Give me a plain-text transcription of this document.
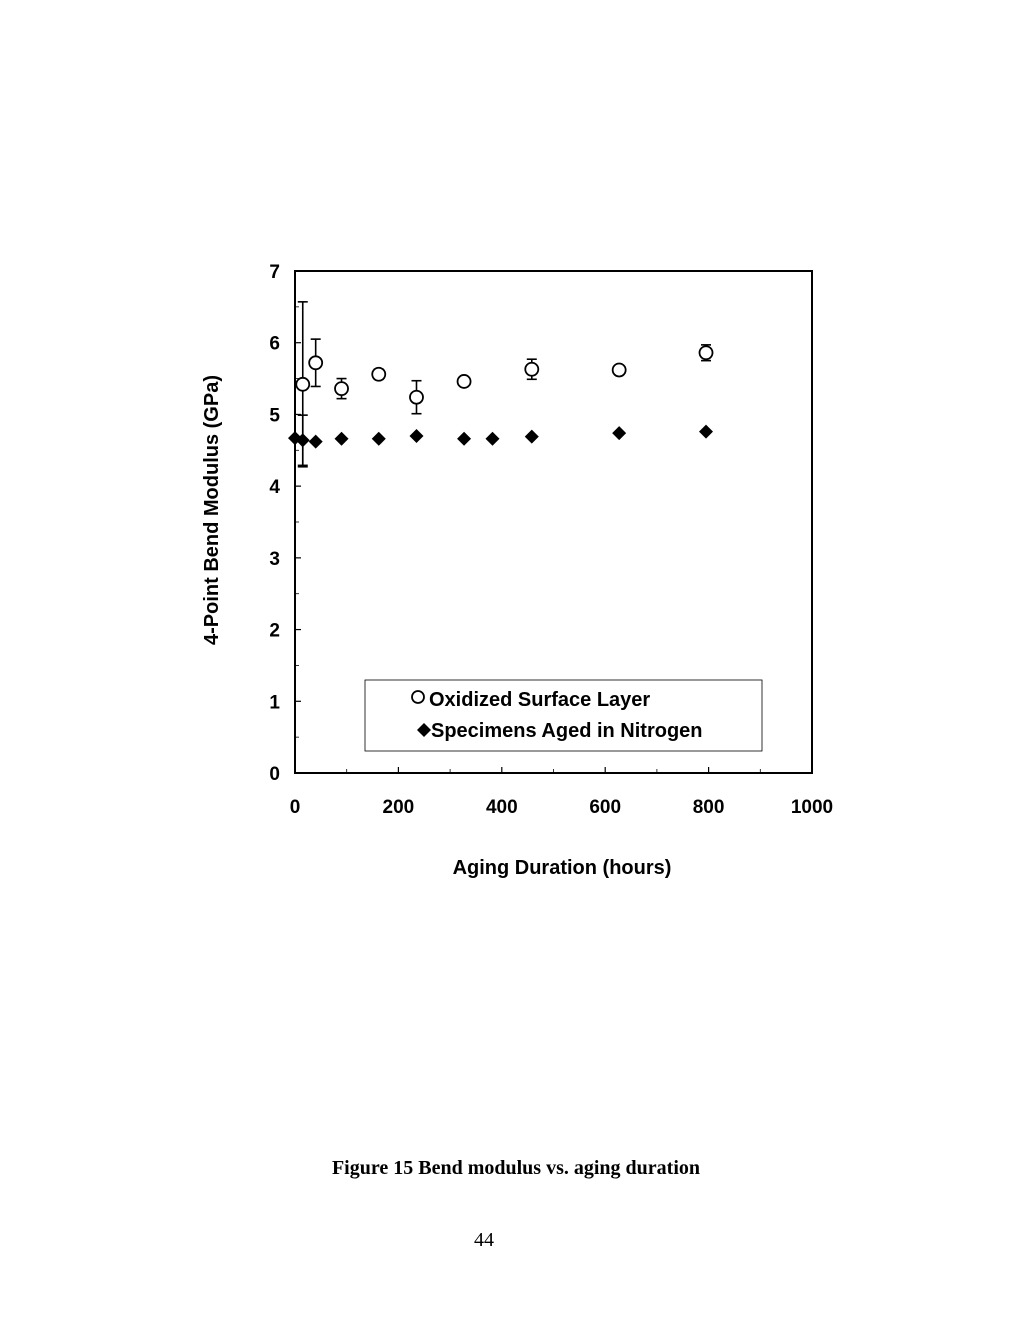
0
1
2
3
4
5
6
7
0	200	400	600	800	1000
4-Point Bend Modulus (GPa)
Aging Duration (hours)
Oxidized Surface Layer
Specimens Aged in Nitrogen
Figure 15 Bend modulus vs. aging duration
44
